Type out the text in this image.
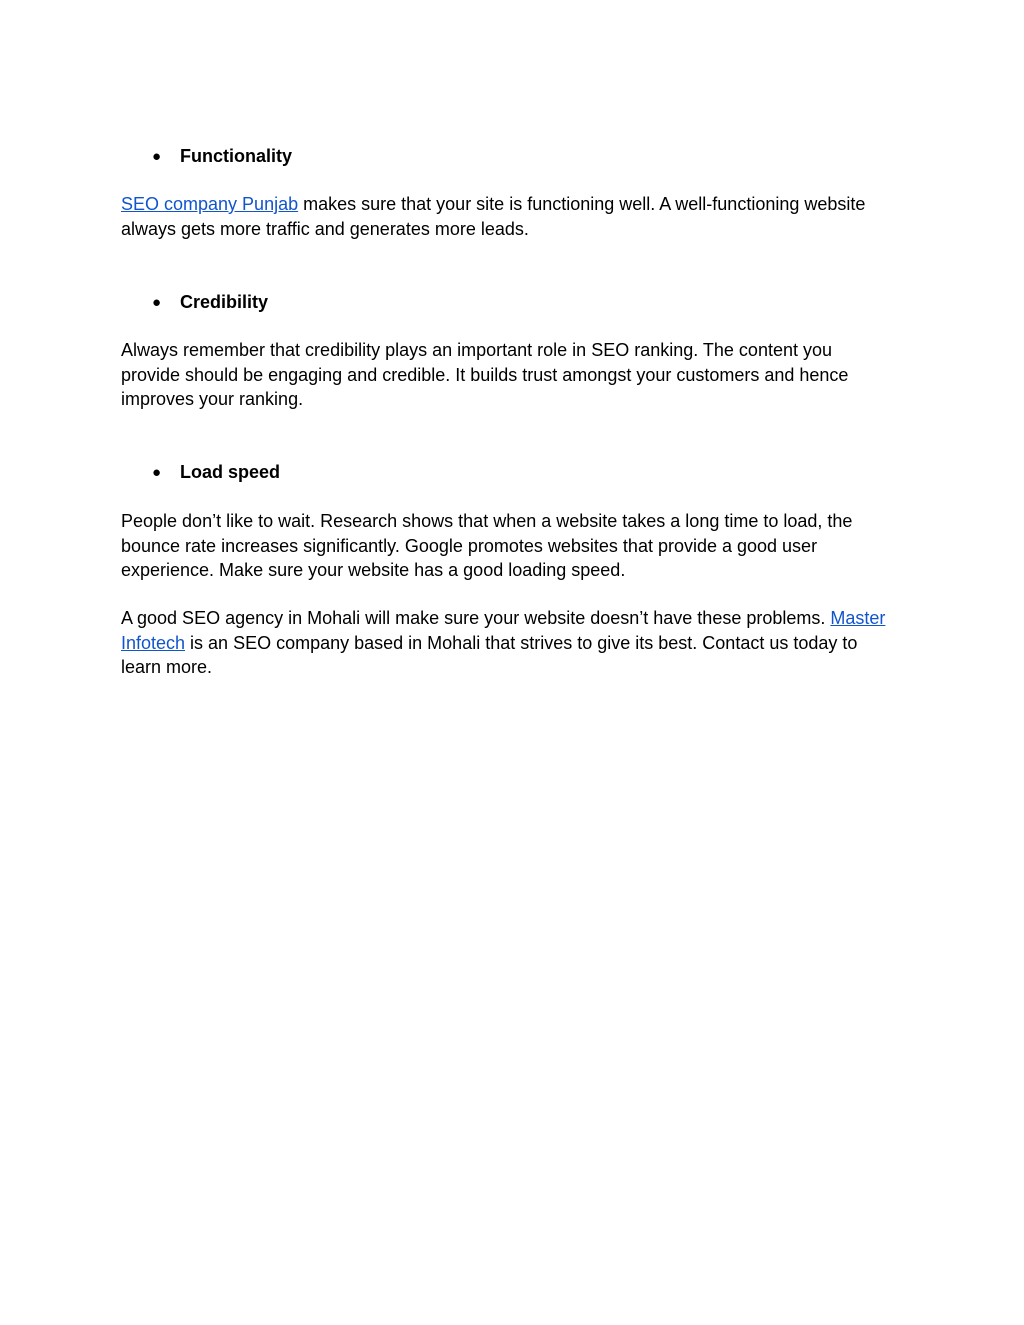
● Functionality

SEO company Punjab makes sure that your site is functioning well. A well-functioning website
always gets more traffic and generates more leads.

● Credibility

Always remember that credibility plays an important role in SEO ranking. The content you
provide should be engaging and credible. It builds trust amongst your customers and hence
improves your ranking.

● Load speed

People don’t like to wait. Research shows that when a website takes a long time to load, the
bounce rate increases significantly. Google promotes websites that provide a good user
experience. Make sure your website has a good loading speed.

A good SEO agency in Mohali will make sure your website doesn’t have these problems. Master
Infotech is an SEO company based in Mohali that strives to give its best. Contact us today to
learn more.
